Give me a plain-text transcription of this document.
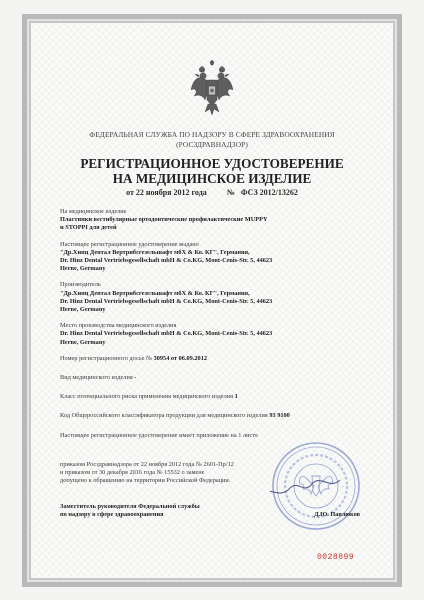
ФЕДЕРАЛЬНАЯ СЛУЖБА ПО НАДЗОРУ В СФЕРЕ ЗДРАВООХРАНЕНИЯ
(РОСЗДРАВНАДЗОР)
РЕГИСТРАЦИОННОЕ УДОСТОВЕРЕНИЕ
НА МЕДИЦИНСКОЕ ИЗДЕЛИЕ
от 22 ноября 2012 года	№ ФСЗ 2012/13262
На медицинское изделие
Пластинки вестибулярные ортодонтические профилактические MUPPY
и STOPPI для детей
Настоящее регистрационное удостоверение выдано
"Др.Хинц Дентал Вертрибсгезельшафт мбХ & Ко. КГ", Германия,
Dr. Hinz Dental Vertriebsgesellschaft mbH & Co.KG, Mont-Cenis-Str. 5, 44623
Herne, Germany
Производитель
"Др.Хинц Дентал Вертрибсгезельшафт мбХ & Ко. КГ", Германия,
Dr. Hinz Dental Vertriebsgesellschaft mbH & Co.KG, Mont-Cenis-Str. 5, 44623
Herne, Germany
Место производства медицинского изделия
Dr. Hinz Dental Vertriebsgesellschaft mbH & Co.KG, Mont-Cenis-Str. 5, 44623
Herne, Germany
Номер регистрационного досье № 30954 от 06.09.2012
Вид медицинского изделия -
Класс потенциального риска применения медицинского изделия 1
Код Общероссийского классификатора продукции для медицинского изделия 93 9100
Настоящее регистрационное удостоверение имеет приложение на 1 листе
приказом Росздравнадзора от 22 ноября 2012 года № 2601-Пр/12
и приказом от 30 декабря 2016 года № 15532 о замене
допущено к обращению на территории Российской Федерации.
Заместитель руководителя Федеральной службы
по надзору в сфере здравоохранения	Д.Ю. Павлюков
0028899
